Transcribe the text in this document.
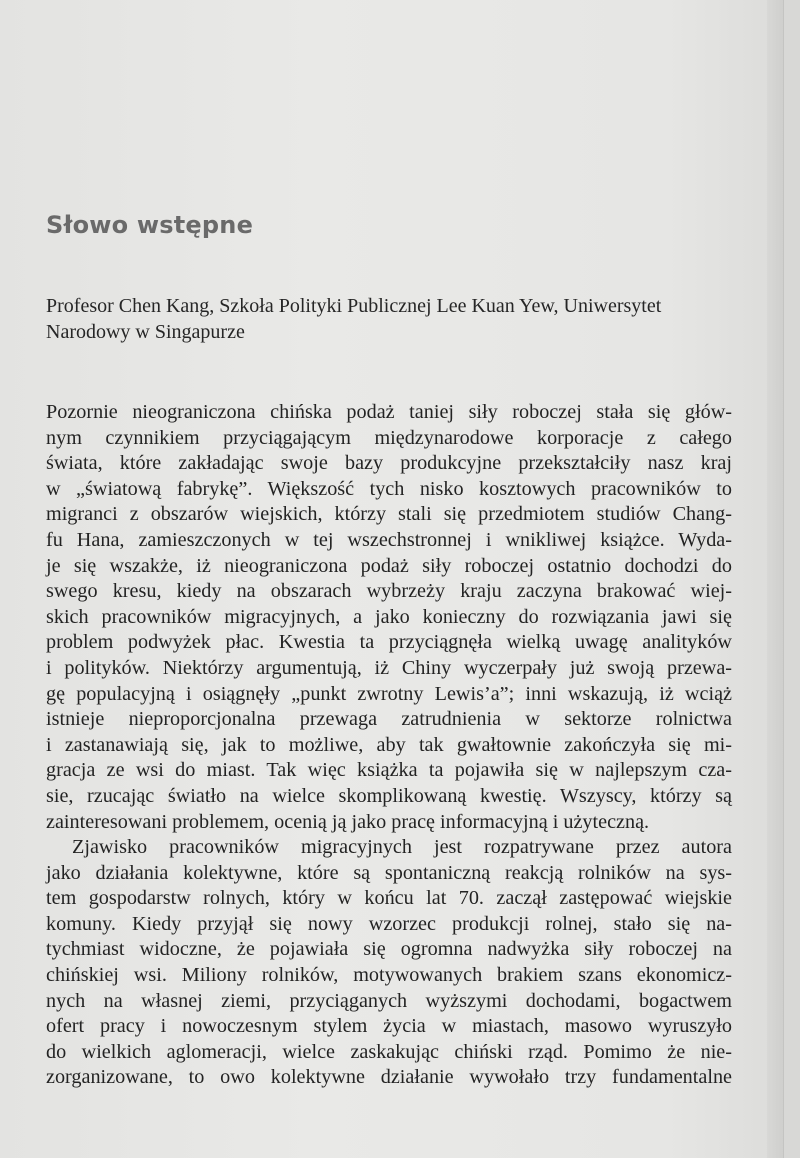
Słowo wstępne

Profesor Chen Kang, Szkoła Polityki Publicznej Lee Kuan Yew, Uniwersytet Narodowy w Singapurze

Pozornie nieograniczona chińska podaż taniej siły roboczej stała się głów-
nym czynnikiem przyciągającym międzynarodowe korporacje z całego
świata, które zakładając swoje bazy produkcyjne przekształciły nasz kraj
w „światową fabrykę”. Większość tych nisko kosztowych pracowników to
migranci z obszarów wiejskich, którzy stali się przedmiotem studiów Chang-
fu Hana, zamieszczonych w tej wszechstronnej i wnikliwej książce. Wyda-
je się wszakże, iż nieograniczona podaż siły roboczej ostatnio dochodzi do
swego kresu, kiedy na obszarach wybrzeży kraju zaczyna brakować wiej-
skich pracowników migracyjnych, a jako konieczny do rozwiązania jawi się
problem podwyżek płac. Kwestia ta przyciągnęła wielką uwagę analityków
i polityków. Niektórzy argumentują, iż Chiny wyczerpały już swoją przewa-
gę populacyjną i osiągnęły „punkt zwrotny Lewis’a”; inni wskazują, iż wciąż
istnieje nieproporcjonalna przewaga zatrudnienia w sektorze rolnictwa
i zastanawiają się, jak to możliwe, aby tak gwałtownie zakończyła się mi-
gracja ze wsi do miast. Tak więc książka ta pojawiła się w najlepszym cza-
sie, rzucając światło na wielce skomplikowaną kwestię. Wszyscy, którzy są
zainteresowani problemem, ocenią ją jako pracę informacyjną i użyteczną.
Zjawisko pracowników migracyjnych jest rozpatrywane przez autora
jako działania kolektywne, które są spontaniczną reakcją rolników na sys-
tem gospodarstw rolnych, który w końcu lat 70. zaczął zastępować wiejskie
komuny. Kiedy przyjął się nowy wzorzec produkcji rolnej, stało się na-
tychmiast widoczne, że pojawiała się ogromna nadwyżka siły roboczej na
chińskiej wsi. Miliony rolników, motywowanych brakiem szans ekonomicz-
nych na własnej ziemi, przyciąganych wyższymi dochodami, bogactwem
ofert pracy i nowoczesnym stylem życia w miastach, masowo wyruszyło
do wielkich aglomeracji, wielce zaskakując chiński rząd. Pomimo że nie-
zorganizowane, to owo kolektywne działanie wywołało trzy fundamentalne
